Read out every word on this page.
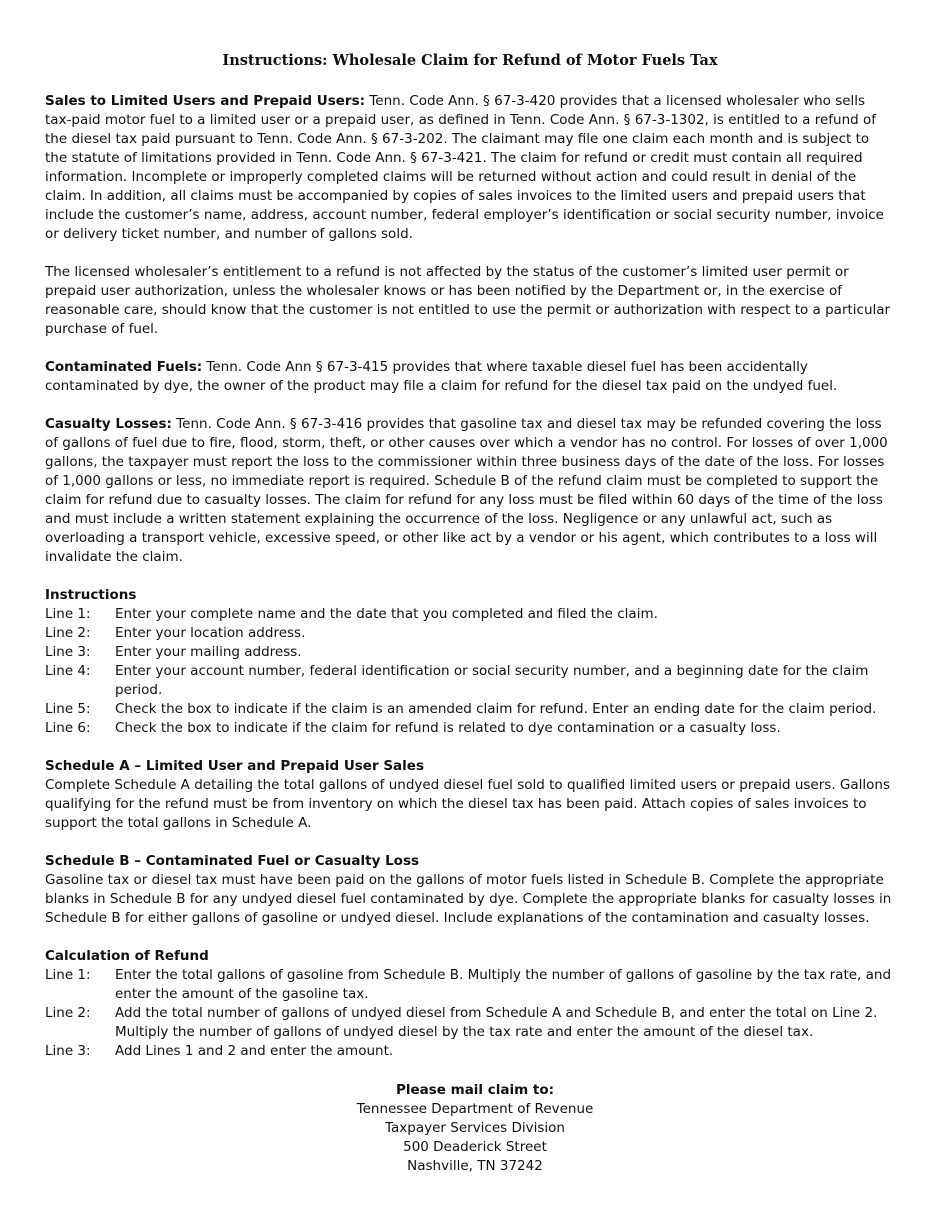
Instructions: Wholesale Claim for Refund of Motor Fuels Tax

Sales to Limited Users and Prepaid Users: Tenn. Code Ann. § 67-3-420 provides that a licensed wholesaler who sells tax-paid motor fuel to a limited user or a prepaid user, as defined in Tenn. Code Ann. § 67-3-1302, is entitled to a refund of the diesel tax paid pursuant to Tenn. Code Ann. § 67-3-202. The claimant may file one claim each month and is subject to the statute of limitations provided in Tenn. Code Ann. § 67-3-421. The claim for refund or credit must contain all required information. Incomplete or improperly completed claims will be returned without action and could result in denial of the claim. In addition, all claims must be accompanied by copies of sales invoices to the limited users and prepaid users that include the customer’s name, address, account number, federal employer’s identification or social security number, invoice or delivery ticket number, and number of gallons sold.

The licensed wholesaler’s entitlement to a refund is not affected by the status of the customer’s limited user permit or prepaid user authorization, unless the wholesaler knows or has been notified by the Department or, in the exercise of reasonable care, should know that the customer is not entitled to use the permit or authorization with respect to a particular purchase of fuel.

Contaminated Fuels: Tenn. Code Ann § 67-3-415 provides that where taxable diesel fuel has been accidentally contaminated by dye, the owner of the product may file a claim for refund for the diesel tax paid on the undyed fuel.

Casualty Losses: Tenn. Code Ann. § 67-3-416 provides that gasoline tax and diesel tax may be refunded covering the loss of gallons of fuel due to fire, flood, storm, theft, or other causes over which a vendor has no control. For losses of over 1,000 gallons, the taxpayer must report the loss to the commissioner within three business days of the date of the loss. For losses of 1,000 gallons or less, no immediate report is required. Schedule B of the refund claim must be completed to support the claim for refund due to casualty losses. The claim for refund for any loss must be filed within 60 days of the time of the loss and must include a written statement explaining the occurrence of the loss. Negligence or any unlawful act, such as overloading a transport vehicle, excessive speed, or other like act by a vendor or his agent, which contributes to a loss will invalidate the claim.

Instructions
Line 1:	Enter your complete name and the date that you completed and filed the claim.
Line 2:	Enter your location address.
Line 3:	Enter your mailing address.
Line 4:	Enter your account number, federal identification or social security number, and a beginning date for the claim period.
Line 5:	Check the box to indicate if the claim is an amended claim for refund. Enter an ending date for the claim period.
Line 6:	Check the box to indicate if the claim for refund is related to dye contamination or a casualty loss.
Schedule A – Limited User and Prepaid User Sales
Complete Schedule A detailing the total gallons of undyed diesel fuel sold to qualified limited users or prepaid users. Gallons qualifying for the refund must be from inventory on which the diesel tax has been paid. Attach copies of sales invoices to support the total gallons in Schedule A.
Schedule B – Contaminated Fuel or Casualty Loss
Gasoline tax or diesel tax must have been paid on the gallons of motor fuels listed in Schedule B. Complete the appropriate blanks in Schedule B for any undyed diesel fuel contaminated by dye. Complete the appropriate blanks for casualty losses in Schedule B for either gallons of gasoline or undyed diesel. Include explanations of the contamination and casualty losses.
Calculation of Refund
Line 1:	Enter the total gallons of gasoline from Schedule B. Multiply the number of gallons of gasoline by the tax rate, and enter the amount of the gasoline tax.
Line 2:	Add the total number of gallons of undyed diesel from Schedule A and Schedule B, and enter the total on Line 2. Multiply the number of gallons of undyed diesel by the tax rate and enter the amount of the diesel tax.
Line 3:	Add Lines 1 and 2 and enter the amount.
Please mail claim to:
Tennessee Department of Revenue
Taxpayer Services Division
500 Deaderick Street
Nashville, TN 37242
